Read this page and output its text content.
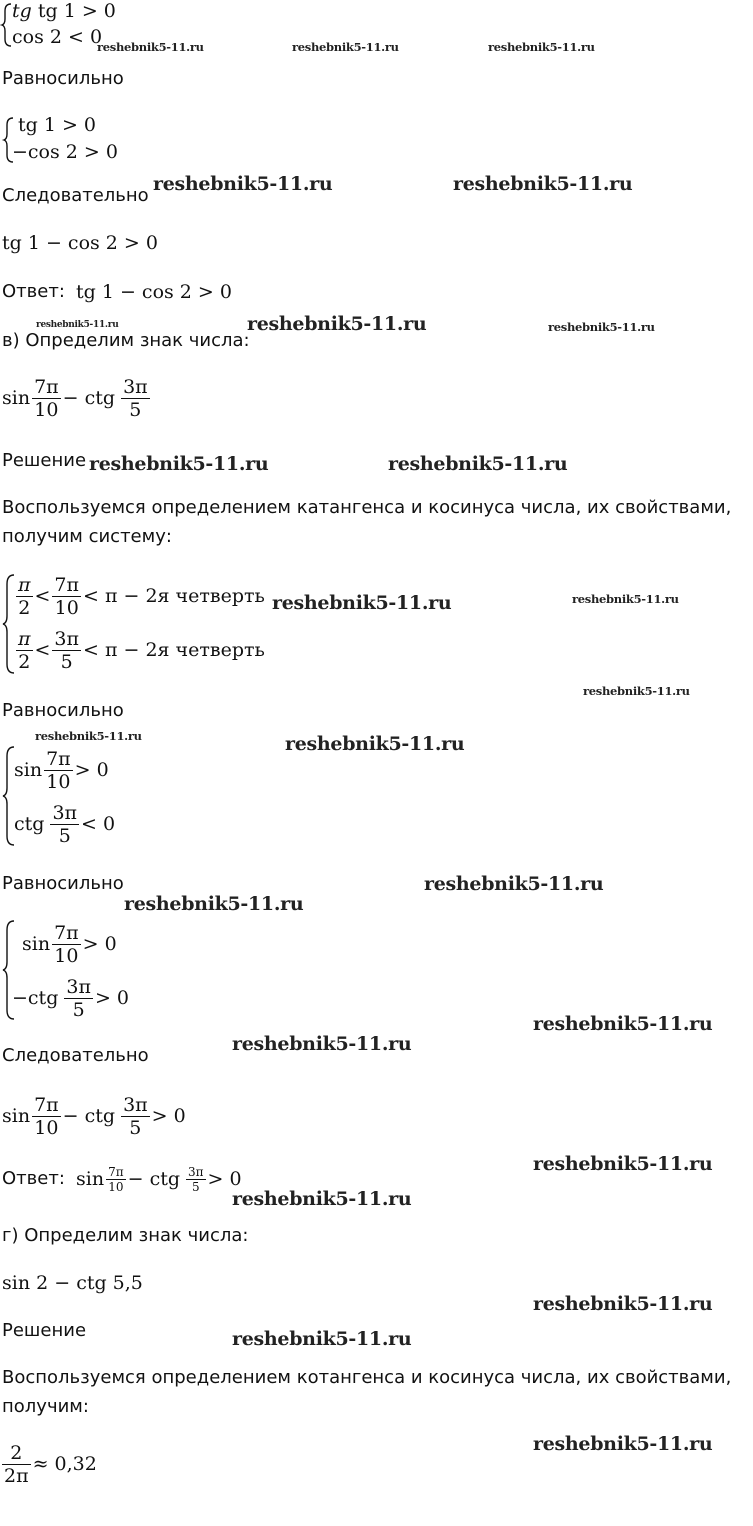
tg tg 1 > 0
cos 2 < 0
Равносильно
tg 1 > 0
−cos 2 > 0
Следовательно
tg 1 − cos 2 > 0
Ответ: tg 1 − cos 2 > 0
в) Определим знак числа:
$\sin \frac{7\pi}{10}$ − ctg $\frac{3\pi}{5}$
Решение
Воспользуемся определением катангенса и косинуса числа, их свойствами,
получим систему:
$\frac{\pi}{2} < \frac{7\pi}{10} < \pi - 2я$ четверть
$\frac{\pi}{2} < \frac{3\pi}{5} < \pi - 2я$ четверть
Равносильно
$\sin \frac{7\pi}{10} > 0$
ctg $\frac{3\pi}{5} < 0$
Равносильно
$\sin \frac{7\pi}{10} > 0$
$-ctg \frac{3\pi}{5} > 0$
Следовательно
$\sin \frac{7\pi}{10}$ − ctg $\frac{3\pi}{5} > 0$
Ответ: $\sin \frac{7\pi}{10}$ − ctg $\frac{3\pi}{5} > 0$
г) Определим знак числа:
sin 2 − ctg 5,5
Решение
Воспользуемся определением котангенса и косинуса числа, их свойствами,
получим:
$\frac{2}{2\pi} \approx 0,32$
reshebnik5-11.ru	reshebnik5-11.ru	reshebnik5-11.ru
reshebnik5-11.ru	reshebnik5-11.ru
reshebnik5-11.ru	reshebnik5-11.ru	reshebnik5-11.ru
reshebnik5-11.ru	reshebnik5-11.ru
reshebnik5-11.ru	reshebnik5-11.ru
reshebnik5-11.ru
reshebnik5-11.ru	reshebnik5-11.ru
reshebnik5-11.ru
reshebnik5-11.ru
reshebnik5-11.ru
reshebnik5-11.ru
reshebnik5-11.ru
reshebnik5-11.ru
reshebnik5-11.ru
reshebnik5-11.ru
reshebnik5-11.ru
